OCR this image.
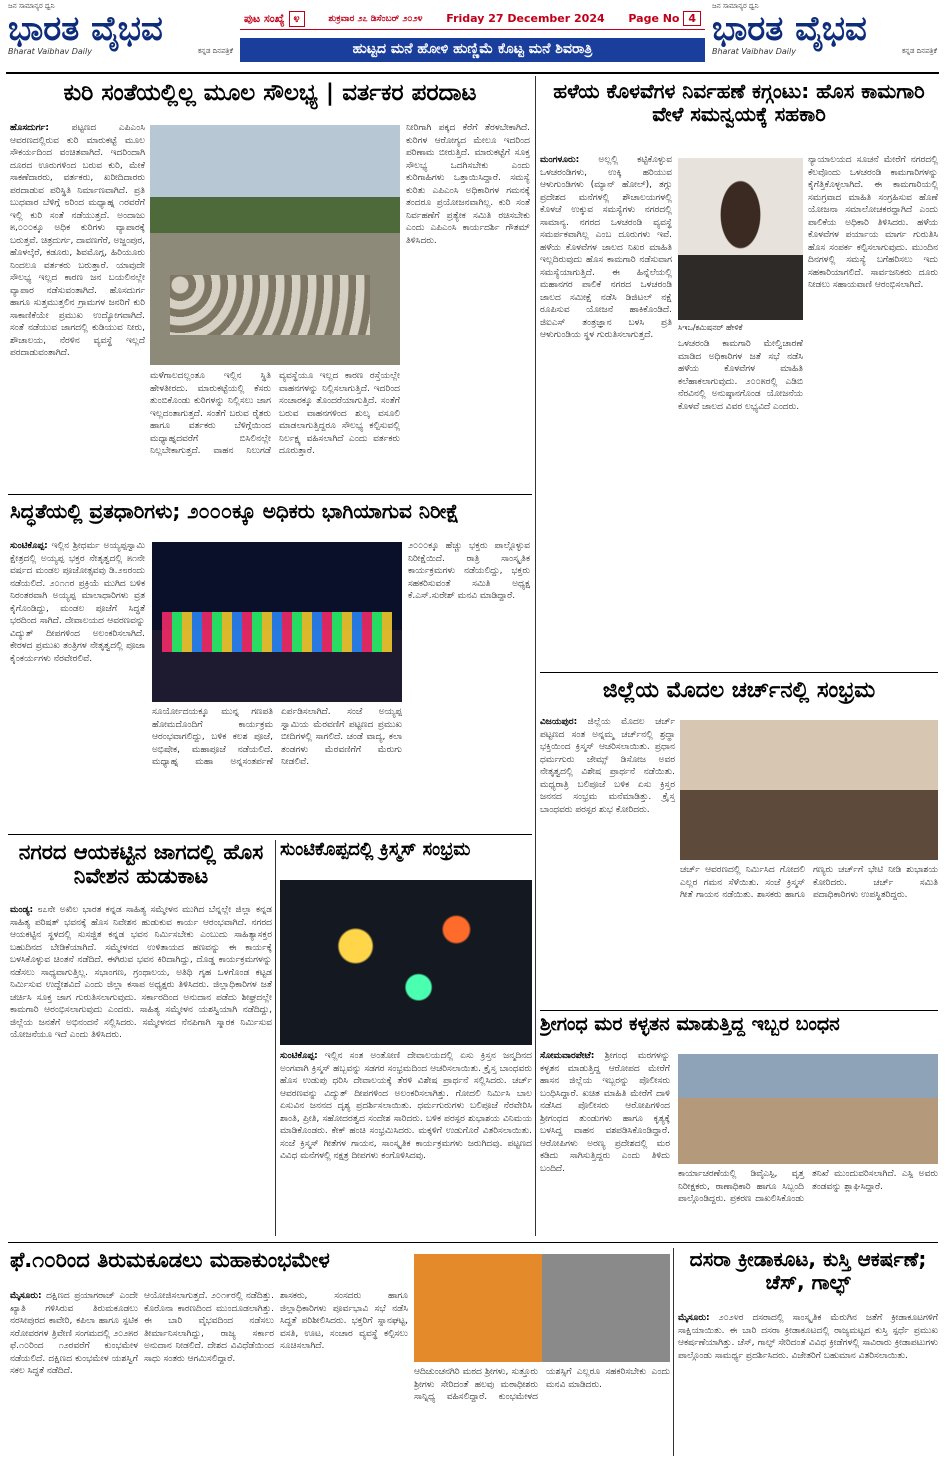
ಜನ ಸಾಮಾನ್ಯರ ಧ್ವನಿ
ಭಾರತ ವೈಭವ
Bharat Vaibhav Daily	ಕನ್ನಡ ದಿನಪತ್ರಿಕೆ
ಪುಟ ಸಂಖ್ಯೆ ೪	ಶುಕ್ರವಾರ ೨೭ ಡಿಸೆಂಬರ್ ೨೦೨೪ Friday 27 December 2024 Page No 4
ಹುಟ್ಟದ ಮನೆ ಹೋಳಿ ಹುಣ್ಣಿಮೆ ಕೊಟ್ಟ ಮನೆ ಶಿವರಾತ್ರಿ
ಜನ ಸಾಮಾನ್ಯರ ಧ್ವನಿ
ಭಾರತ ವೈಭವ
Bharat Vaibhav Daily	ಕನ್ನಡ ದಿನಪತ್ರಿಕೆ
ಕುರಿ ಸಂತೆಯಲ್ಲಿಲ್ಲ ಮೂಲ ಸೌಲಭ್ಯ | ವರ್ತಕರ ಪರದಾಟ
ಹೊಸದುರ್ಗ:	ಪಟ್ಟಣದ ಎಪಿಎಂಸಿ ಆವರಣದಲ್ಲಿರುವ ಕುರಿ ಮಾರುಕಟ್ಟೆ ಮೂಲ ಸೌಕರ್ಯದಿಂದ ವಂಚಿತವಾಗಿದೆ. ಇದರಿಂದಾಗಿ ದೂರದ ಊರುಗಳಿಂದ ಬರುವ ಕುರಿ, ಮೇಕೆ ಸಾಕಣೆದಾರರು, ವರ್ತಕರು, ಖರೀದಿದಾರರು ಪರದಾಡುವ ಪರಿಸ್ಥಿತಿ ನಿರ್ಮಾಣವಾಗಿದೆ. ಪ್ರತಿ ಬುಧವಾರ ಬೆಳಿಗ್ಗೆ ೮ರಿಂದ ಮಧ್ಯಾಹ್ನ ೧ರವರೆಗೆ ಇಲ್ಲಿ ಕುರಿ ಸಂತೆ ನಡೆಯುತ್ತದೆ. ಅಂದಾಜು ೫,೦೦೦ಕ್ಕೂ ಅಧಿಕ ಕುರಿಗಳು ವ್ಯಾಪಾರಕ್ಕೆ ಬರುತ್ತವೆ. ಚಿತ್ರದುರ್ಗ, ದಾವಣಗೆರೆ, ಅಜ್ಜಂಪುರ, ಹೊಳಲ್ಕೆರೆ, ಕಡೂರು, ಶಿವಮೊಗ್ಗ, ಹಿರಿಯೂರು ನಿಂದಲೂ ವರ್ತಕರು ಬರುತ್ತಾರೆ. ಯಾವುದೇ ಸೌಲಭ್ಯ ಇಲ್ಲದ ಕಾರಣ ಜನ ಬಯಲಿನಲ್ಲೇ ವ್ಯಾಪಾರ ನಡೆಸುವಂತಾಗಿದೆ. ಹೊಸದುರ್ಗ ಹಾಗೂ ಸುತ್ತಮುತ್ತಲಿನ ಗ್ರಾಮಗಳ ಜನರಿಗೆ ಕುರಿ ಸಾಕಾಣಿಕೆಯೇ ಪ್ರಮುಖ ಉದ್ಯೋಗವಾಗಿದೆ. ಸಂತೆ ನಡೆಯುವ ಜಾಗದಲ್ಲಿ ಕುಡಿಯುವ ನೀರು, ಶೌಚಾಲಯ, ನೆರಳಿನ ವ್ಯವಸ್ಥೆ ಇಲ್ಲದೆ ಪರದಾಡುವಂತಾಗಿದೆ.
ಮಳೆಗಾಲದಲ್ಲಂತೂ ಇಲ್ಲಿನ ಸ್ಥಿತಿ ಹೇಳತೀರದು. ಮಾರುಕಟ್ಟೆಯಲ್ಲಿ ಕೆಸರು ತುಂಬಿಕೊಂಡು ಕುರಿಗಳನ್ನು ನಿಲ್ಲಿಸಲು ಜಾಗ ಇಲ್ಲದಂತಾಗುತ್ತದೆ. ಸಂತೆಗೆ ಬರುವ ರೈತರು ಹಾಗೂ ವರ್ತಕರು ಬೆಳಿಗ್ಗೆಯಿಂದ ಮಧ್ಯಾಹ್ನದವರೆಗೆ ಬಿಸಿಲಿನಲ್ಲೇ ನಿಲ್ಲಬೇಕಾಗುತ್ತದೆ. ವಾಹನ ನಿಲುಗಡೆ ವ್ಯವಸ್ಥೆಯೂ ಇಲ್ಲದ ಕಾರಣ ರಸ್ತೆಯಲ್ಲೇ ವಾಹನಗಳನ್ನು ನಿಲ್ಲಿಸಲಾಗುತ್ತಿದೆ. ಇದರಿಂದ ಸಂಚಾರಕ್ಕೂ ತೊಂದರೆಯಾಗುತ್ತಿದೆ. ಸಂತೆಗೆ ಬರುವ ವಾಹನಗಳಿಂದ ಶುಲ್ಕ ವಸೂಲಿ ಮಾಡಲಾಗುತ್ತಿದ್ದರೂ ಸೌಲಭ್ಯ ಕಲ್ಪಿಸುವಲ್ಲಿ ನಿರ್ಲಕ್ಷ್ಯ ವಹಿಸಲಾಗಿದೆ ಎಂದು ವರ್ತಕರು ದೂರುತ್ತಾರೆ.
ನೀರಿಗಾಗಿ ಪಕ್ಕದ ಕೆರೆಗೆ ತೆರಳಬೇಕಾಗಿದೆ. ಕುರಿಗಳ ಆರೋಗ್ಯದ ಮೇಲೂ ಇದರಿಂದ ಪರಿಣಾಮ ಬೀರುತ್ತಿದೆ. ಮಾರುಕಟ್ಟೆಗೆ ಸೂಕ್ತ ಸೌಲಭ್ಯ ಒದಗಿಸಬೇಕು ಎಂದು ಕುರಿಗಾಹಿಗಳು ಒತ್ತಾಯಿಸಿದ್ದಾರೆ. ಸಮಸ್ಯೆ ಕುರಿತು ಎಪಿಎಂಸಿ ಅಧಿಕಾರಿಗಳ ಗಮನಕ್ಕೆ ತಂದರೂ ಪ್ರಯೋಜನವಾಗಿಲ್ಲ. ಕುರಿ ಸಂತೆ ನಿರ್ವಹಣೆಗೆ ಪ್ರತ್ಯೇಕ ಸಮಿತಿ ರಚಿಸಬೇಕು ಎಂದು ಎಪಿಎಂಸಿ ಕಾರ್ಯದರ್ಶಿ ಗೌತಮ್ ತಿಳಿಸಿದರು.
ಸಿದ್ಧತೆಯಲ್ಲಿ ವ್ರತಧಾರಿಗಳು; ೨೦೦೦ಕ್ಕೂ ಅಧಿಕರು ಭಾಗಿಯಾಗುವ ನಿರೀಕ್ಷೆ
ಸುಂಟಿಕೊಪ್ಪ: ಇಲ್ಲಿನ ಶ್ರೀಧರ್ಮ ಅಯ್ಯಪ್ಪಸ್ವಾಮಿ ಕ್ಷೇತ್ರದಲ್ಲಿ ಅಯ್ಯಪ್ಪ ಭಕ್ತರ ನೇತೃತ್ವದಲ್ಲಿ ೫೧ನೇ ವರ್ಷದ ಮಂಡಲ ಪೂಜೋತ್ಸವವು ಡಿ.೨೮ರಂದು ನಡೆಯಲಿದೆ. ೨೦೧೧ರ ಪ್ರಕ್ರಿಯೆ ಮುಗಿದ ಬಳಿಕ ನಿರಂತರವಾಗಿ ಅಯ್ಯಪ್ಪ ಮಾಲಾಧಾರಿಗಳು ವ್ರತ ಕೈಗೊಂಡಿದ್ದು, ಮಂಡಲ ಪೂಜೆಗೆ ಸಿದ್ಧತೆ ಭರದಿಂದ ಸಾಗಿದೆ. ದೇವಾಲಯದ ಆವರಣವನ್ನು ವಿದ್ಯುತ್ ದೀಪಗಳಿಂದ ಅಲಂಕರಿಸಲಾಗಿದೆ. ಕೇರಳದ ಪ್ರಮುಖ ತಂತ್ರಿಗಳ ನೇತೃತ್ವದಲ್ಲಿ ಪೂಜಾ ಕೈಂಕರ್ಯಗಳು ನೆರವೇರಲಿವೆ.
ಸೂರ್ಯೋದಯಕ್ಕೂ ಮುನ್ನ ಗಣಪತಿ ಹೋಮದೊಂದಿಗೆ ಕಾರ್ಯಕ್ರಮ ಆರಂಭವಾಗಲಿದ್ದು, ಬಳಿಕ ಕಲಶ ಪೂಜೆ, ಅಭಿಷೇಕ, ಮಹಾಪೂಜೆ ನಡೆಯಲಿದೆ. ಮಧ್ಯಾಹ್ನ ಮಹಾ ಅನ್ನಸಂತರ್ಪಣೆ ಏರ್ಪಡಿಸಲಾಗಿದೆ. ಸಂಜೆ ಅಯ್ಯಪ್ಪ ಸ್ವಾಮಿಯ ಮೆರವಣಿಗೆ ಪಟ್ಟಣದ ಪ್ರಮುಖ ಬೀದಿಗಳಲ್ಲಿ ಸಾಗಲಿದೆ. ಚಂಡೆ ವಾದ್ಯ, ಕಲಾ ತಂಡಗಳು ಮೆರವಣಿಗೆಗೆ ಮೆರುಗು ನೀಡಲಿವೆ.
೨೦೦೦ಕ್ಕೂ ಹೆಚ್ಚು ಭಕ್ತರು ಪಾಲ್ಗೊಳ್ಳುವ ನಿರೀಕ್ಷೆಯಿದೆ. ರಾತ್ರಿ ಸಾಂಸ್ಕೃತಿಕ ಕಾರ್ಯಕ್ರಮಗಳು ನಡೆಯಲಿದ್ದು, ಭಕ್ತರು ಸಹಕರಿಸುವಂತೆ ಸಮಿತಿ ಅಧ್ಯಕ್ಷ ಕೆ.ಎಸ್.ಸುರೇಶ್ ಮನವಿ ಮಾಡಿದ್ದಾರೆ.
ನಗರದ ಆಯಕಟ್ಟಿನ ಜಾಗದಲ್ಲಿ ಹೊಸ ನಿವೇಶನ ಹುಡುಕಾಟ
ಮಂಡ್ಯ: ೮೭ನೇ ಅಖಿಲ ಭಾರತ ಕನ್ನಡ ಸಾಹಿತ್ಯ ಸಮ್ಮೇಳನ ಮುಗಿದ ಬೆನ್ನಲ್ಲೇ ಜಿಲ್ಲಾ ಕನ್ನಡ ಸಾಹಿತ್ಯ ಪರಿಷತ್ ಭವನಕ್ಕೆ ಹೊಸ ನಿವೇಶನ ಹುಡುಕುವ ಕಾರ್ಯ ಆರಂಭವಾಗಿದೆ. ನಗರದ ಆಯಕಟ್ಟಿನ ಸ್ಥಳದಲ್ಲಿ ಸುಸಜ್ಜಿತ ಕನ್ನಡ ಭವನ ನಿರ್ಮಿಸಬೇಕು ಎಂಬುದು ಸಾಹಿತ್ಯಾಸಕ್ತರ ಬಹುದಿನದ ಬೇಡಿಕೆಯಾಗಿದೆ. ಸಮ್ಮೇಳನದ ಉಳಿತಾಯದ ಹಣವನ್ನು ಈ ಕಾರ್ಯಕ್ಕೆ ಬಳಸಿಕೊಳ್ಳುವ ಚಿಂತನೆ ನಡೆದಿದೆ. ಈಗಿರುವ ಭವನ ಕಿರಿದಾಗಿದ್ದು, ದೊಡ್ಡ ಕಾರ್ಯಕ್ರಮಗಳನ್ನು ನಡೆಸಲು ಸಾಧ್ಯವಾಗುತ್ತಿಲ್ಲ. ಸಭಾಂಗಣ, ಗ್ರಂಥಾಲಯ, ಅತಿಥಿ ಗೃಹ ಒಳಗೊಂಡ ಕಟ್ಟಡ ನಿರ್ಮಿಸುವ ಉದ್ದೇಶವಿದೆ ಎಂದು ಜಿಲ್ಲಾ ಕಸಾಪ ಅಧ್ಯಕ್ಷರು ತಿಳಿಸಿದರು. ಜಿಲ್ಲಾಧಿಕಾರಿಗಳ ಜತೆ ಚರ್ಚಿಸಿ ಸೂಕ್ತ ಜಾಗ ಗುರುತಿಸಲಾಗುವುದು. ಸರ್ಕಾರದಿಂದ ಅನುದಾನ ಪಡೆದು ಶೀಘ್ರದಲ್ಲೇ ಕಾಮಗಾರಿ ಆರಂಭಿಸಲಾಗುವುದು ಎಂದರು. ಸಾಹಿತ್ಯ ಸಮ್ಮೇಳನ ಯಶಸ್ವಿಯಾಗಿ ನಡೆದಿದ್ದು, ಜಿಲ್ಲೆಯ ಜನತೆಗೆ ಅಭಿನಂದನೆ ಸಲ್ಲಿಸಿದರು. ಸಮ್ಮೇಳನದ ನೆನಪಿಗಾಗಿ ಸ್ಮಾರಕ ನಿರ್ಮಿಸುವ ಯೋಜನೆಯೂ ಇದೆ ಎಂದು ತಿಳಿಸಿದರು.
ಸುಂಟಿಕೊಪ್ಪದಲ್ಲಿ ಕ್ರಿಸ್ಮಸ್ ಸಂಭ್ರಮ
ಸುಂಟಿಕೊಪ್ಪ: ಇಲ್ಲಿನ ಸಂತ ಅಂತೋಣಿ ದೇವಾಲಯದಲ್ಲಿ ಏಸು ಕ್ರಿಸ್ತನ ಜನ್ಮದಿನದ ಅಂಗವಾಗಿ ಕ್ರಿಸ್ಮಸ್ ಹಬ್ಬವನ್ನು ಸಡಗರ ಸಂಭ್ರಮದಿಂದ ಆಚರಿಸಲಾಯಿತು. ಕ್ರೈಸ್ತ ಬಾಂಧವರು ಹೊಸ ಉಡುಪು ಧರಿಸಿ ದೇವಾಲಯಕ್ಕೆ ತೆರಳಿ ವಿಶೇಷ ಪ್ರಾರ್ಥನೆ ಸಲ್ಲಿಸಿದರು. ಚರ್ಚ್ ಆವರಣವನ್ನು ವಿದ್ಯುತ್ ದೀಪಗಳಿಂದ ಅಲಂಕರಿಸಲಾಗಿತ್ತು. ಗೋದಲಿ ನಿರ್ಮಿಸಿ ಬಾಲ ಏಸುವಿನ ಜನನದ ದೃಶ್ಯ ಪ್ರದರ್ಶಿಸಲಾಯಿತು. ಧರ್ಮಗುರುಗಳು ಬಲಿಪೂಜೆ ನೆರವೇರಿಸಿ ಶಾಂತಿ, ಪ್ರೀತಿ, ಸಹೋದರತ್ವದ ಸಂದೇಶ ಸಾರಿದರು. ಬಳಿಕ ಪರಸ್ಪರ ಶುಭಾಶಯ ವಿನಿಮಯ ಮಾಡಿಕೊಂಡರು. ಕೇಕ್ ಹಂಚಿ ಸಂಭ್ರಮಿಸಿದರು. ಮಕ್ಕಳಿಗೆ ಉಡುಗೊರೆ ವಿತರಿಸಲಾಯಿತು. ಸಂಜೆ ಕ್ರಿಸ್ಮಸ್ ಗೀತೆಗಳ ಗಾಯನ, ಸಾಂಸ್ಕೃತಿಕ ಕಾರ್ಯಕ್ರಮಗಳು ಜರುಗಿದವು. ಪಟ್ಟಣದ ವಿವಿಧ ಮನೆಗಳಲ್ಲಿ ನಕ್ಷತ್ರ ದೀಪಗಳು ಕಂಗೊಳಿಸಿದವು.
ಹಳೆಯ ಕೊಳವೆಗಳ ನಿರ್ವಹಣೆ ಕಗ್ಗಂಟು: ಹೊಸ ಕಾಮಗಾರಿ ವೇಳೆ ಸಮನ್ವಯಕ್ಕೆ ಸಹಕಾರಿ
ಮಂಗಳೂರು: ಅಲ್ಲಲ್ಲಿ ಕಟ್ಟಿಕೊಳ್ಳುವ ಒಳಚರಂಡಿಗಳು, ಉಕ್ಕಿ ಹರಿಯುವ ಆಳುಗುಂಡಿಗಳು (ಮ್ಯಾನ್ ಹೋಲ್), ತಗ್ಗು ಪ್ರದೇಶದ ಮನೆಗಳಲ್ಲಿ ಶೌಚಾಲಯಗಳಲ್ಲಿ ಕೊಳಚೆ ಉಕ್ಕುವ ಸಮಸ್ಯೆಗಳು ನಗರದಲ್ಲಿ ಸಾಮಾನ್ಯ. ನಗರದ ಒಳಚರಂಡಿ ವ್ಯವಸ್ಥೆ ಸಮರ್ಪಕವಾಗಿಲ್ಲ ಎಂಬ ದೂರುಗಳು ಇವೆ. ಹಳೆಯ ಕೊಳವೆಗಳ ಜಾಲದ ನಿಖರ ಮಾಹಿತಿ ಇಲ್ಲದಿರುವುದು ಹೊಸ ಕಾಮಗಾರಿ ನಡೆಸುವಾಗ ಸಮಸ್ಯೆಯಾಗುತ್ತಿದೆ. ಈ ಹಿನ್ನೆಲೆಯಲ್ಲಿ ಮಹಾನಗರ ಪಾಲಿಕೆ ನಗರದ ಒಳಚರಂಡಿ ಜಾಲದ ಸಮೀಕ್ಷೆ ನಡೆಸಿ ಡಿಜಿಟಲ್ ನಕ್ಷೆ ರೂಪಿಸುವ ಯೋಜನೆ ಹಾಕಿಕೊಂಡಿದೆ. ಜಿಐಎಸ್ ತಂತ್ರಜ್ಞಾನ ಬಳಸಿ ಪ್ರತಿ ಆಳುಗುಂಡಿಯ ಸ್ಥಳ ಗುರುತಿಸಲಾಗುತ್ತದೆ.
ಸಿಇಒ/ಕಮಿಷನರ್ ಹೇಳಿಕೆ
ಒಳಚರಂಡಿ ಕಾಮಗಾರಿ ಮೇಲ್ವಿಚಾರಣೆ ಮಾಡಿದ ಅಧಿಕಾರಿಗಳ ಜತೆ ಸಭೆ ನಡೆಸಿ ಹಳೆಯ ಕೊಳವೆಗಳ ಮಾಹಿತಿ ಕಲೆಹಾಕಲಾಗುವುದು. ೨೦೦೫ರಲ್ಲಿ ಎಡಿಬಿ ನೆರವಿನಲ್ಲಿ ಅನುಷ್ಠಾನಗೊಂಡ ಯೋಜನೆಯ ಕೊಳವೆ ಜಾಲದ ವಿವರ ಲಭ್ಯವಿದೆ ಎಂದರು.
ನ್ಯಾಯಾಲಯದ ಸೂಚನೆ ಮೇರೆಗೆ ನಗರದಲ್ಲಿ ಕೆಲವೊಂದು ಒಳಚರಂಡಿ ಕಾಮಗಾರಿಗಳನ್ನು ಕೈಗೆತ್ತಿಕೊಳ್ಳಲಾಗಿದೆ. ಈ ಕಾಮಗಾರಿಯಲ್ಲಿ ಸಮಗ್ರವಾದ ಮಾಹಿತಿ ಸಂಗ್ರಹಿಸುವ ಹೊಣೆ ಯೋಜನಾ ಸಮಾಲೋಚಕರದ್ದಾಗಿದೆ ಎಂದು ಪಾಲಿಕೆಯ ಅಧಿಕಾರಿ ತಿಳಿಸಿದರು. ಹಳೆಯ ಕೊಳವೆಗಳ ಪರ್ಯಾಯ ಮಾರ್ಗ ಗುರುತಿಸಿ ಹೊಸ ಸಂಪರ್ಕ ಕಲ್ಪಿಸಲಾಗುವುದು. ಮುಂದಿನ ದಿನಗಳಲ್ಲಿ ಸಮಸ್ಯೆ ಬಗೆಹರಿಸಲು ಇದು ಸಹಕಾರಿಯಾಗಲಿದೆ. ಸಾರ್ವಜನಿಕರು ದೂರು ನೀಡಲು ಸಹಾಯವಾಣಿ ಆರಂಭಿಸಲಾಗಿದೆ.
ಜಿಲ್ಲೆಯ ಮೊದಲ ಚರ್ಚ್‌ನಲ್ಲಿ ಸಂಭ್ರಮ
ವಿಜಯಪುರ: ಜಿಲ್ಲೆಯ ಮೊದಲ ಚರ್ಚ್ ಪಟ್ಟಣದ ಸಂತ ಅನ್ನಮ್ಮ ಚರ್ಚ್‌ನಲ್ಲಿ ಶ್ರದ್ಧಾ ಭಕ್ತಿಯಿಂದ ಕ್ರಿಸ್ಮಸ್ ಆಚರಿಸಲಾಯಿತು. ಪ್ರಧಾನ ಧರ್ಮಗುರು ಜೇಮ್ಸ್ ಡಿಸೋಜ ಅವರ ನೇತೃತ್ವದಲ್ಲಿ ವಿಶೇಷ ಪ್ರಾರ್ಥನೆ ನಡೆಯಿತು. ಮಧ್ಯರಾತ್ರಿ ಬಲಿಪೂಜೆ ಬಳಿಕ ಏಸು ಕ್ರಿಸ್ತರ ಜನನದ ಸಂಭ್ರಮ ಮನೆಮಾಡಿತ್ತು. ಕ್ರೈಸ್ತ ಬಾಂಧವರು ಪರಸ್ಪರ ಶುಭ ಕೋರಿದರು.
ಚರ್ಚ್ ಆವರಣದಲ್ಲಿ ನಿರ್ಮಿಸಿದ ಗೋದಲಿ ಎಲ್ಲರ ಗಮನ ಸೆಳೆಯಿತು. ಸಂಜೆ ಕ್ರಿಸ್ಮಸ್ ಗೀತೆ ಗಾಯನ ನಡೆಯಿತು. ಶಾಸಕರು ಹಾಗೂ ಗಣ್ಯರು ಚರ್ಚ್‌ಗೆ ಭೇಟಿ ನೀಡಿ ಶುಭಾಶಯ ಕೋರಿದರು. ಚರ್ಚ್ ಸಮಿತಿ ಪದಾಧಿಕಾರಿಗಳು ಉಪಸ್ಥಿತರಿದ್ದರು.
ಶ್ರೀಗಂಧ ಮರ ಕಳ್ಳತನ ಮಾಡುತ್ತಿದ್ದ ಇಬ್ಬರ ಬಂಧನ
ಸೋಮವಾರಪೇಟೆ: ಶ್ರೀಗಂಧ ಮರಗಳನ್ನು ಕಳ್ಳತನ ಮಾಡುತ್ತಿದ್ದ ಆರೋಪದ ಮೇರೆಗೆ ಹಾಸನ ಜಿಲ್ಲೆಯ ಇಬ್ಬರನ್ನು ಪೊಲೀಸರು ಬಂಧಿಸಿದ್ದಾರೆ. ಖಚಿತ ಮಾಹಿತಿ ಮೇರೆಗೆ ದಾಳಿ ನಡೆಸಿದ ಪೊಲೀಸರು ಆರೋಪಿಗಳಿಂದ ಶ್ರೀಗಂಧದ ತುಂಡುಗಳು ಹಾಗೂ ಕೃತ್ಯಕ್ಕೆ ಬಳಸಿದ್ದ ವಾಹನ ವಶಪಡಿಸಿಕೊಂಡಿದ್ದಾರೆ. ಆರೋಪಿಗಳು ಅರಣ್ಯ ಪ್ರದೇಶದಲ್ಲಿ ಮರ ಕಡಿದು ಸಾಗಿಸುತ್ತಿದ್ದರು ಎಂದು ತಿಳಿದು ಬಂದಿದೆ.
ಕಾರ್ಯಾಚರಣೆಯಲ್ಲಿ ಡಿವೈಎಸ್ಪಿ, ವೃತ್ತ ನಿರೀಕ್ಷಕರು, ಠಾಣಾಧಿಕಾರಿ ಹಾಗೂ ಸಿಬ್ಬಂದಿ ಪಾಲ್ಗೊಂಡಿದ್ದರು. ಪ್ರಕರಣ ದಾಖಲಿಸಿಕೊಂಡು ತನಿಖೆ ಮುಂದುವರಿಸಲಾಗಿದೆ. ಎಸ್ಪಿ ಅವರು ತಂಡವನ್ನು ಶ್ಲಾಘಿಸಿದ್ದಾರೆ.
ಫೆ.೧೦ರಿಂದ ತಿರುಮಕೂಡಲು ಮಹಾಕುಂಭಮೇಳ
ಮೈಸೂರು: ದಕ್ಷಿಣದ ಪ್ರಯಾಗರಾಜ್ ಎಂದೇ ಖ್ಯಾತಿ ಗಳಿಸಿರುವ ತಿರುಮಕೂಡಲು ನರಸೀಪುರದ ಕಾವೇರಿ, ಕಪಿಲಾ ಹಾಗೂ ಸ್ಪಟಿಕ ಸರೋವರಗಳ ತ್ರಿವೇಣಿ ಸಂಗಮದಲ್ಲಿ ೨೦೨೫ರ ಫೆ.೧೦ರಿಂದ ೧೨ರವರೆಗೆ ಕುಂಭಮೇಳ ನಡೆಯಲಿದೆ. ದಕ್ಷಿಣದ ಕುಂಭಮೇಳ ಯಶಸ್ವಿಗೆ ಸಕಲ ಸಿದ್ಧತೆ ನಡೆದಿದೆ.
ಆಯೋಜಿಸಲಾಗುತ್ತದೆ. ೨೦೧೯ರಲ್ಲಿ ನಡೆದಿತ್ತು. ಕೊರೊನಾ ಕಾರಣದಿಂದ ಮುಂದೂಡಲಾಗಿತ್ತು. ಈ ಬಾರಿ ವೈಭವದಿಂದ ನಡೆಸಲು ತೀರ್ಮಾನಿಸಲಾಗಿದ್ದು, ರಾಜ್ಯ ಸರ್ಕಾರ ಅನುದಾನ ನೀಡಲಿದೆ. ದೇಶದ ವಿವಿಧೆಡೆಯಿಂದ ಸಾಧು ಸಂತರು ಆಗಮಿಸಲಿದ್ದಾರೆ.
ಶಾಸಕರು, ಸಂಸದರು ಹಾಗೂ ಜಿಲ್ಲಾಧಿಕಾರಿಗಳು ಪೂರ್ವಭಾವಿ ಸಭೆ ನಡೆಸಿ ಸಿದ್ಧತೆ ಪರಿಶೀಲಿಸಿದರು. ಭಕ್ತರಿಗೆ ಸ್ನಾನಘಟ್ಟ, ವಸತಿ, ಊಟ, ಸಂಚಾರ ವ್ಯವಸ್ಥೆ ಕಲ್ಪಿಸಲು ಸೂಚಿಸಲಾಗಿದೆ.
ಆದಿಚುಂಚನಗಿರಿ ಮಠದ ಶ್ರೀಗಳು, ಸುತ್ತೂರು ಶ್ರೀಗಳು ಸೇರಿದಂತೆ ಹಲವು ಮಠಾಧೀಶರು ಸಾನ್ನಿಧ್ಯ ವಹಿಸಲಿದ್ದಾರೆ. ಕುಂಭಮೇಳದ ಯಶಸ್ಸಿಗೆ ಎಲ್ಲರೂ ಸಹಕರಿಸಬೇಕು ಎಂದು ಮನವಿ ಮಾಡಿದರು.
ದಸರಾ ಕ್ರೀಡಾಕೂಟ, ಕುಸ್ತಿ ಆಕರ್ಷಣೆ; ಚೆಸ್, ಗಾಲ್ಫ್
ಮೈಸೂರು: ೨೦೨೪ರ ದಸರಾದಲ್ಲಿ ಸಾಂಸ್ಕೃತಿಕ ಮೆರುಗಿನ ಜತೆಗೆ ಕ್ರೀಡಾಕೂಟಗಳಿಗೆ ಸಾಕ್ಷಿಯಾಯಿತು. ಈ ಬಾರಿ ದಸರಾ ಕ್ರೀಡಾಕೂಟದಲ್ಲಿ ರಾಜ್ಯಮಟ್ಟದ ಕುಸ್ತಿ ಸ್ಪರ್ಧೆ ಪ್ರಮುಖ ಆಕರ್ಷಣೆಯಾಗಿತ್ತು. ಚೆಸ್, ಗಾಲ್ಫ್ ಸೇರಿದಂತೆ ವಿವಿಧ ಕ್ರೀಡೆಗಳಲ್ಲಿ ಸಾವಿರಾರು ಕ್ರೀಡಾಪಟುಗಳು ಪಾಲ್ಗೊಂಡು ಸಾಮರ್ಥ್ಯ ಪ್ರದರ್ಶಿಸಿದರು. ವಿಜೇತರಿಗೆ ಬಹುಮಾನ ವಿತರಿಸಲಾಯಿತು.
